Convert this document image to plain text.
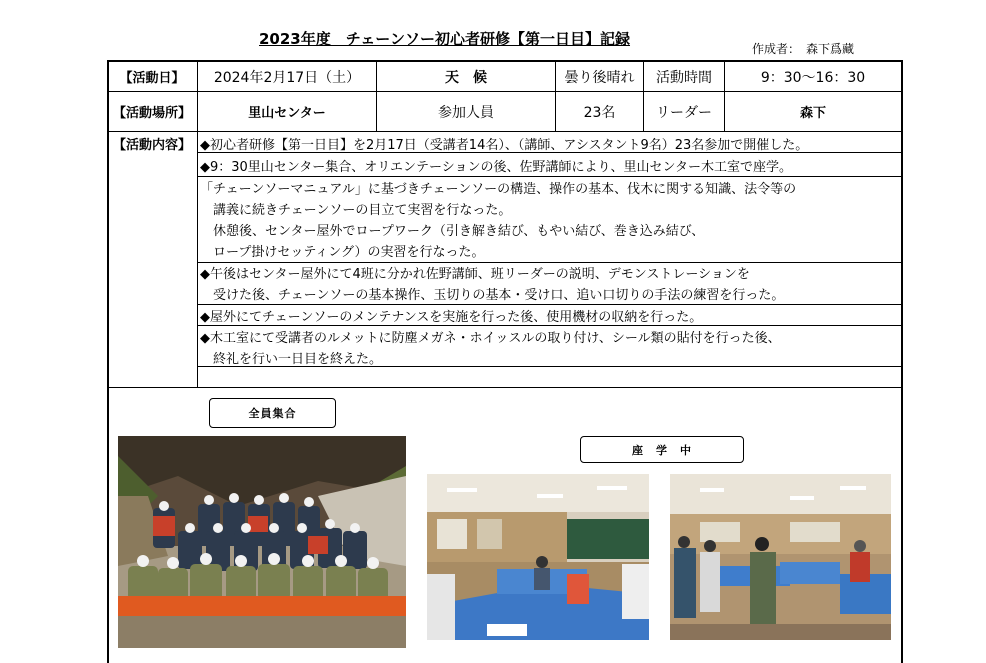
2023年度　チェーンソー初心者研修【第一日目】記録
作成者：　森下爲藏
【活動日】	2024年2月17日（土）	天　候	曇り後晴れ	活動時間	9：30～16：30
【活動場所】	里山センター	参加人員	23名	リーダー	森下
【活動内容】 ◆初心者研修【第一日目】を2月17日（受講者14名）、（講師、アシスタント9名）23名参加で開催した。
◆9：30里山センター集合、オリエンテーションの後、佐野講師により、里山センター木工室で座学。
「チェーンソーマニュアル」に基づきチェーンソーの構造、操作の基本、伐木に関する知識、法令等の
　講義に続きチェーンソーの目立て実習を行なった。
　休憩後、センター屋外でロープワーク（引き解き結び、もやい結び、巻き込み結び、
　ロープ掛けセッティング）の実習を行なった。
◆午後はセンター屋外にて4班に分かれ佐野講師、班リーダーの説明、デモンストレーションを
　受けた後、チェーンソーの基本操作、玉切りの基本・受け口、追い口切りの手法の練習を行った。
◆屋外にてチェーンソーのメンテナンスを実施を行った後、使用機材の収納を行った。
◆木工室にて受講者のルメットに防塵メガネ・ホイッスルの取り付け、シール類の貼付を行った後、
　終礼を行い一日目を終えた。
全員集合
座　学　中
